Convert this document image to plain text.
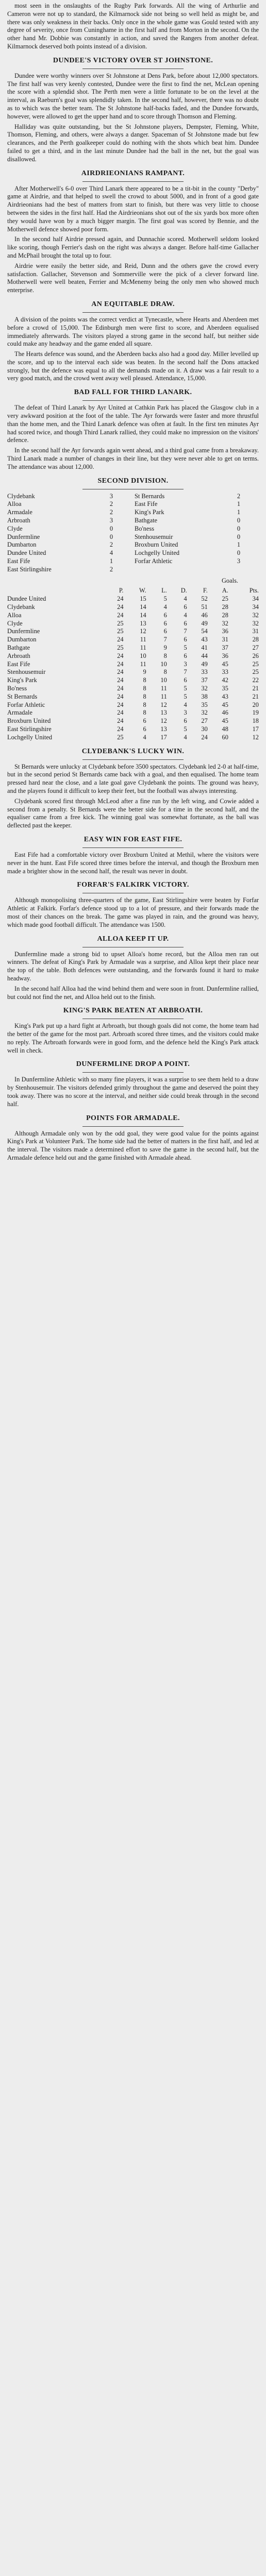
most seen in the onslaughts of the Rugby Park forwards. All the wing of Arthurlie and Cameron were not up to standard, the Kilmarnock side not being so well held as might be, and there was only weakness in their backs. Only once in the whole game was Gould tested with any degree of severity, once from Cuninghame in the first half and from Morton in the second. On the other hand Mr. Dobbie was constantly in action, and saved the Rangers from another defeat. Kilmarnock deserved both points instead of a division.

DUNDEE'S VICTORY OVER ST JOHNSTONE.

Dundee were worthy winners over St Johnstone at Dens Park, before about 12,000 spectators. The first half was very keenly contested, Dundee were the first to find the net, McLean opening the score with a splendid shot. The Perth men were a little fortunate to be on the level at the interval, as Raeburn's goal was splendidly taken. In the second half, however, there was no doubt as to which was the better team. The St Johnstone half-backs faded, and the Dundee forwards, however, were allowed to get the upper hand and to score through Thomson and Fleming.

Halliday was quite outstanding, but the St Johnstone players, Dempster, Fleming, White, Thomson, Fleming, and others, were always a danger. Spaceman of St Johnstone made but few clearances, and the Perth goalkeeper could do nothing with the shots which beat him. Dundee failed to get a third, and in the last minute Dundee had the ball in the net, but the goal was disallowed.

AIRDRIEONIANS RAMPANT.

After Motherwell's 6-0 over Third Lanark there appeared to be a tit-bit in the county "Derby" game at Airdrie, and that helped to swell the crowd to about 5000, and in front of a good gate Airdrieonians had the best of matters from start to finish, but there was very little to choose between the sides in the first half. Had the Airdrieonians shot out of the six yards box more often they would have won by a much bigger margin. The first goal was scored by Bennie, and the Motherwell defence showed poor form.

In the second half Airdrie pressed again, and Dunnachie scored. Motherwell seldom looked like scoring, though Ferrier's dash on the right was always a danger. Before half-time Gallacher and McPhail brought the total up to four.

Airdrie were easily the better side, and Reid, Dunn and the others gave the crowd every satisfaction. Gallacher, Stevenson and Sommerville were the pick of a clever forward line. Motherwell were well beaten, Ferrier and McMenemy being the only men who showed much enterprise.

AN EQUITABLE DRAW.

A division of the points was the correct verdict at Tynecastle, where Hearts and Aberdeen met before a crowd of 15,000. The Edinburgh men were first to score, and Aberdeen equalised immediately afterwards. The visitors played a strong game in the second half, but neither side could make any headway and the game ended all square.

The Hearts defence was sound, and the Aberdeen backs also had a good day. Miller levelled up the score, and up to the interval each side was beaten. In the second half the Dons attacked strongly, but the defence was equal to all the demands made on it. A draw was a fair result to a very good match, and the crowd went away well pleased. Attendance, 15,000.

BAD FALL FOR THIRD LANARK.

The defeat of Third Lanark by Ayr United at Cathkin Park has placed the Glasgow club in a very awkward position at the foot of the table. The Ayr forwards were faster and more thrustful than the home men, and the Third Lanark defence was often at fault. In the first ten minutes Ayr had scored twice, and though Third Lanark rallied, they could make no impression on the visitors' defence.

In the second half the Ayr forwards again went ahead, and a third goal came from a breakaway. Third Lanark made a number of changes in their line, but they were never able to get on terms. The attendance was about 12,000.

SECOND DIVISION.
Clydebank	3	St Bernards	2
Alloa	2	East Fife	1
Armadale	2	King's Park	1
Arbroath	3	Bathgate	0
Clyde	0	Bo'ness	0
Dunfermline	0	Stenhousemuir	0
Dumbarton	2	Broxburn United	1
Dundee United	4	Lochgelly United	0
East Fife	1	Forfar Athletic	3
East Stirlingshire	2
Goals.
	P.	W.	L.	D.	F.	A.	Pts.
Dundee United	24	15	5	4	52	25	34
Clydebank	24	14	4	6	51	28	34
Alloa	24	14	6	4	46	28	32
Clyde	25	13	6	6	49	32	32
Dunfermline	25	12	6	7	54	36	31
Dumbarton	24	11	7	6	43	31	28
Bathgate	25	11	9	5	41	37	27
Arbroath	24	10	8	6	44	36	26
East Fife	24	11	10	3	49	45	25
Stenhousemuir	24	9	8	7	33	33	25
King's Park	24	8	10	6	37	42	22
Bo'ness	24	8	11	5	32	35	21
St Bernards	24	8	11	5	38	43	21
Forfar Athletic	24	8	12	4	35	45	20
Armadale	24	8	13	3	32	46	19
Broxburn United	24	6	12	6	27	45	18
East Stirlingshire	24	6	13	5	30	48	17
Lochgelly United	25	4	17	4	24	60	12
CLYDEBANK'S LUCKY WIN.

St Bernards were unlucky at Clydebank before 3500 spectators. Clydebank led 2-0 at half-time, but in the second period St Bernards came back with a goal, and then equalised. The home team pressed hard near the close, and a late goal gave Clydebank the points. The ground was heavy, and the players found it difficult to keep their feet, but the football was always interesting.

Clydebank scored first through McLeod after a fine run by the left wing, and Cowie added a second from a penalty. St Bernards were the better side for a time in the second half, and the equaliser came from a free kick. The winning goal was somewhat fortunate, as the ball was deflected past the keeper.

EASY WIN FOR EAST FIFE.

East Fife had a comfortable victory over Broxburn United at Methil, where the visitors were never in the hunt. East Fife scored three times before the interval, and though the Broxburn men made a brighter show in the second half, the result was never in doubt.

FORFAR'S FALKIRK VICTORY.

Although monopolising three-quarters of the game, East Stirlingshire were beaten by Forfar Athletic at Falkirk. Forfar's defence stood up to a lot of pressure, and their forwards made the most of their chances on the break. The game was played in rain, and the ground was heavy, which made good football difficult. The attendance was 1500.

ALLOA KEEP IT UP.

Dunfermline made a strong bid to upset Alloa's home record, but the Alloa men ran out winners. The defeat of King's Park by Armadale was a surprise, and Alloa kept their place near the top of the table. Both defences were outstanding, and the forwards found it hard to make headway.

In the second half Alloa had the wind behind them and were soon in front. Dunfermline rallied, but could not find the net, and Alloa held out to the finish.

KING'S PARK BEATEN AT ARBROATH.

King's Park put up a hard fight at Arbroath, but though goals did not come, the home team had the better of the game for the most part. Arbroath scored three times, and the visitors could make no reply. The Arbroath forwards were in good form, and the defence held the King's Park attack well in check.

DUNFERMLINE DROP A POINT.

In Dunfermline Athletic with so many fine players, it was a surprise to see them held to a draw by Stenhousemuir. The visitors defended grimly throughout the game and deserved the point they took away. There was no score at the interval, and neither side could break through in the second half.

POINTS FOR ARMADALE.

Although Armadale only won by the odd goal, they were good value for the points against King's Park at Volunteer Park. The home side had the better of matters in the first half, and led at the interval. The visitors made a determined effort to save the game in the second half, but the Armadale defence held out and the game finished with Armadale ahead.
